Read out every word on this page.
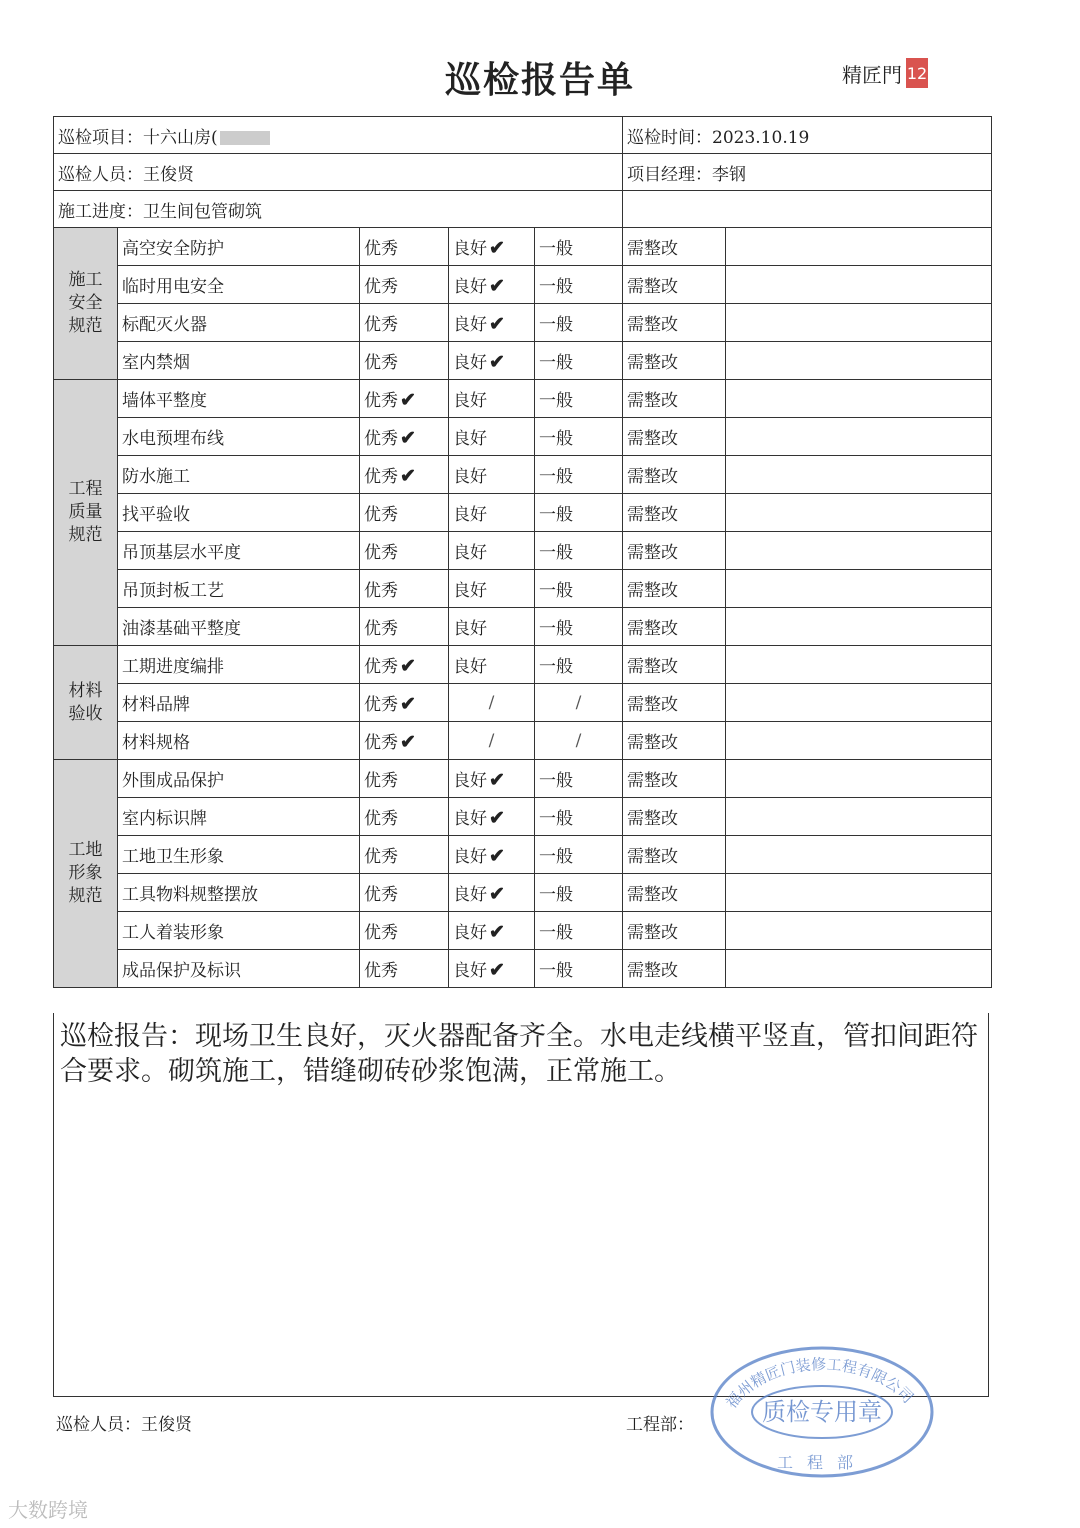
巡检报告单	精匠門 12
巡检项目：十六山房(					巡检时间：2023.10.19	
巡检人员：王俊贤					项目经理：李钢	
施工进度：卫生间包管砌筑						
施工安全规范	高空安全防护	优秀	良好 ✔	一般	需整改	
	临时用电安全	优秀	良好 ✔	一般	需整改	
	标配灭火器	优秀	良好 ✔	一般	需整改	
	室内禁烟	优秀	良好 ✔	一般	需整改	
工程质量规范	墙体平整度	优秀 ✔	良好	一般	需整改	
	水电预埋布线	优秀 ✔	良好	一般	需整改	
	防水施工	优秀 ✔	良好	一般	需整改	
	找平验收	优秀	良好	一般	需整改	
	吊顶基层水平度	优秀	良好	一般	需整改	
	吊顶封板工艺	优秀	良好	一般	需整改	
	油漆基础平整度	优秀	良好	一般	需整改	
材料验收	工期进度编排	优秀 ✔	良好	一般	需整改	
	材料品牌	优秀 ✔	/	/	需整改	
	材料规格	优秀 ✔	/	/	需整改	
工地形象规范	外围成品保护	优秀	良好 ✔	一般	需整改	
	室内标识牌	优秀	良好 ✔	一般	需整改	
	工地卫生形象	优秀	良好 ✔	一般	需整改	
	工具物料规整摆放	优秀	良好 ✔	一般	需整改	
	工人着装形象	优秀	良好 ✔	一般	需整改	
	成品保护及标识	优秀	良好 ✔	一般	需整改	

巡检报告：现场卫生良好，灭火器配备齐全。水电走线横平竖直，管扣间距符合要求。砌筑施工，错缝砌砖砂浆饱满，正常施工。

巡检人员：王俊贤	工程部：
福州精匠门装修工程有限公司
质检专用章
工程部
大数跨境
